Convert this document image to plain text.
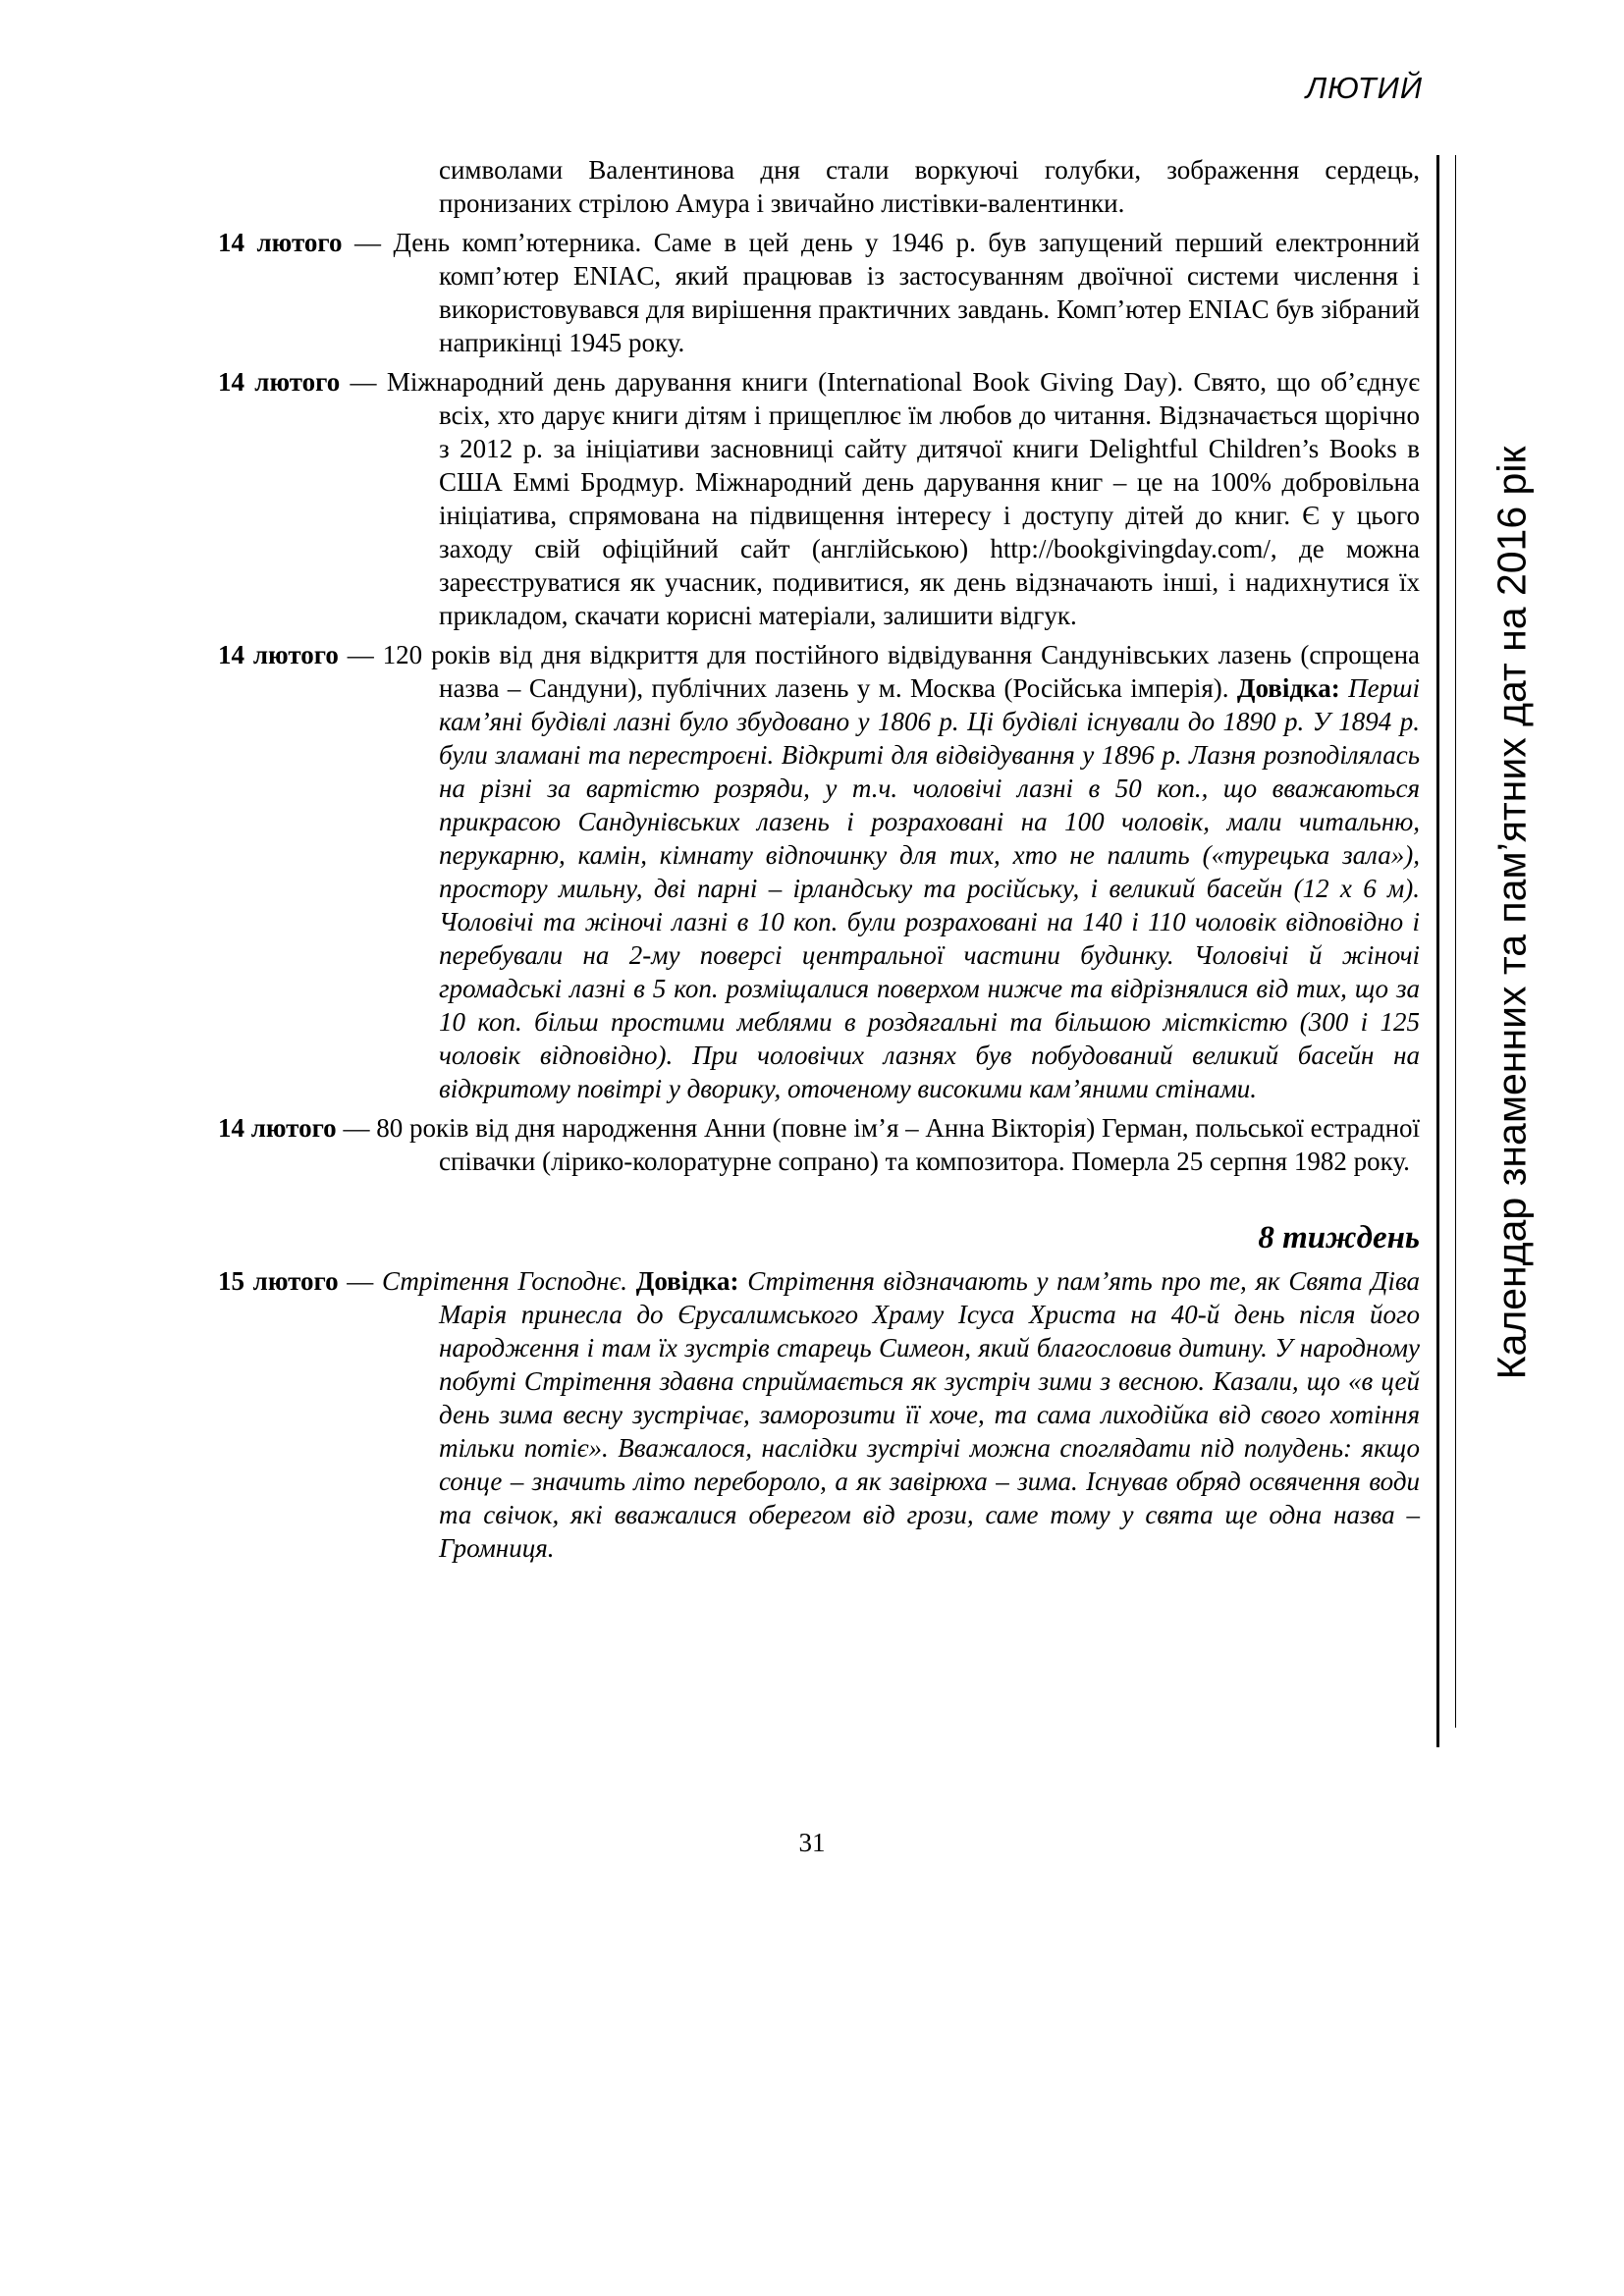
ЛЮТИЙ
Календар знаменних та пам’ятних дат на 2016 рік

символами Валентинова дня стали воркуючі голубки, зображення сердець, пронизаних стрілою Амура і звичайно листівки-валентинки.

14 лютого — День комп’ютерника. Саме в цей день у 1946 р. був запущений перший електронний комп’ютер ENIAC, який працював із застосуванням двоїчної системи числення і використовувався для вирішення практичних завдань. Комп’ютер ENIAC був зібраний наприкінці 1945 року.

14 лютого — Міжнародний день дарування книги (International Book Giving Day). Свято, що об’єднує всіх, хто дарує книги дітям і прищеплює їм любов до читання. Відзначається щорічно з 2012 р. за ініціативи засновниці сайту дитячої книги Delightful Children’s Books в США Еммі Бродмур. Міжнародний день дарування книг – це на 100% добровільна ініціатива, спрямована на підвищення інтересу і доступу дітей до книг. Є у цього заходу свій офіційний сайт (англійською) http://bookgivingday.com/, де можна зареєструватися як учасник, подивитися, як день відзначають інші, і надихнутися їх прикладом, скачати корисні матеріали, залишити відгук.

14 лютого — 120 років від дня відкриття для постійного відвідування Сандунівських лазень (спрощена назва – Сандуни), публічних лазень у м. Москва (Російська імперія). Довідка: Перші кам’яні будівлі лазні було збудовано у 1806 р. Ці будівлі існували до 1890 р. У 1894 р. були зламані та перестроєні. Відкриті для відвідування у 1896 р. Лазня розподілялась на різні за вартістю розряди, у т.ч. чоловічі лазні в 50 коп., що вважаються прикрасою Сандунівських лазень і розраховані на 100 чоловік, мали читальню, перукарню, камін, кімнату відпочинку для тих, хто не палить («турецька зала»), простору мильну, дві парні – ірландську та російську, і великий басейн (12 х 6 м). Чоловічі та жіночі лазні в 10 коп. були розраховані на 140 і 110 чоловік відповідно і перебували на 2-му поверсі центральної частини будинку. Чоловічі й жіночі громадські лазні в 5 коп. розміщалися поверхом нижче та відрізнялися від тих, що за 10 коп. більш простими меблями в роздягальні та більшою місткістю (300 і 125 чоловік відповідно). При чоловічих лазнях був побудований великий басейн на відкритому повітрі у дворику, оточеному високими кам’яними стінами.

14 лютого — 80 років від дня народження Анни (повне ім’я – Анна Вікторія) Герман, польської естрадної співачки (лірико-колоратурне сопрано) та композитора. Померла 25 серпня 1982 року.

8 тиждень

15 лютого — Стрітення Господнє. Довідка: Стрітення відзначають у пам’ять про те, як Свята Діва Марія принесла до Єрусалимського Храму Ісуса Христа на 40-й день після його народження і там їх зустрів старець Симеон, який благословив дитину. У народному побуті Стрітення здавна сприймається як зустріч зими з весною. Казали, що «в цей день зима весну зустрічає, заморозити її хоче, та сама лиходійка від свого хотіння тільки потіє». Вважалося, наслідки зустрічі можна споглядати під полудень: якщо сонце – значить літо переборолo, а як завірюха – зима. Існував обряд освячення води та свічок, які вважалися оберегом від грози, саме тому у свята ще одна назва – Громниця.

31
